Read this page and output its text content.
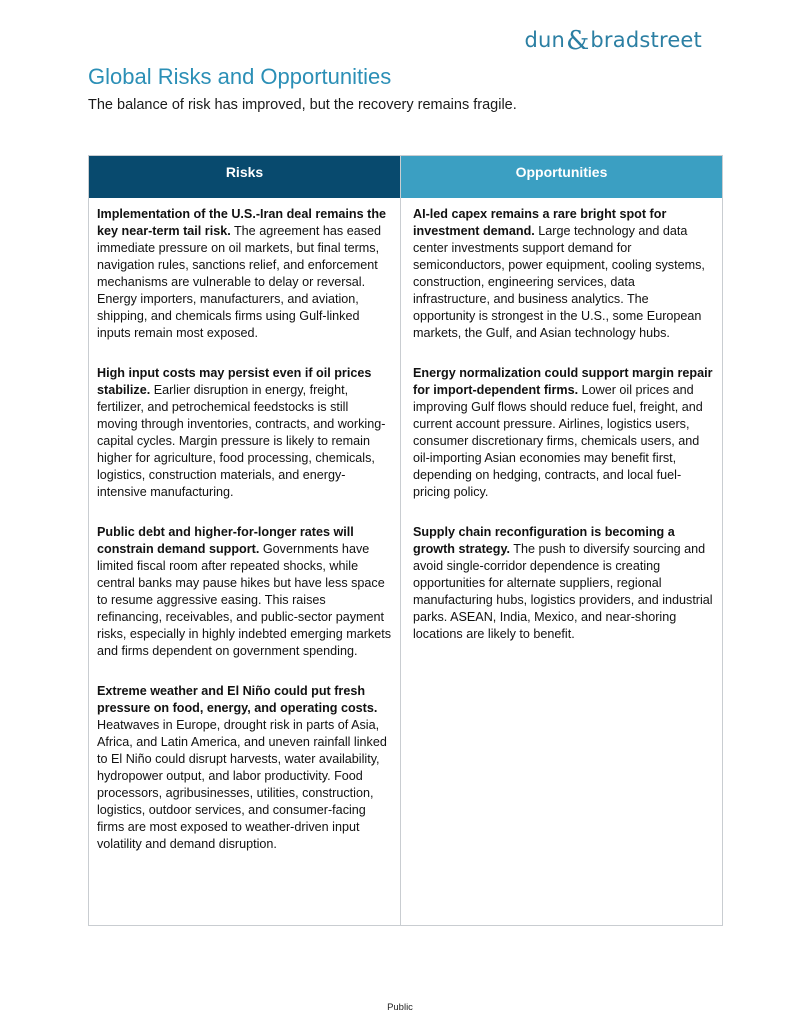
dun&bradstreet
Global Risks and Opportunities

The balance of risk has improved, but the recovery remains fragile.

Risks	Opportunities

Implementation of the U.S.-Iran deal remains the key near-term tail risk. The agreement has eased immediate pressure on oil markets, but final terms, navigation rules, sanctions relief, and enforcement mechanisms are vulnerable to delay or reversal. Energy importers, manufacturers, and aviation, shipping, and chemicals firms using Gulf-linked inputs remain most exposed.

High input costs may persist even if oil prices stabilize. Earlier disruption in energy, freight, fertilizer, and petrochemical feedstocks is still moving through inventories, contracts, and working-capital cycles. Margin pressure is likely to remain higher for agriculture, food processing, chemicals, logistics, construction materials, and energy-intensive manufacturing.

Public debt and higher-for-longer rates will constrain demand support. Governments have limited fiscal room after repeated shocks, while central banks may pause hikes but have less space to resume aggressive easing. This raises refinancing, receivables, and public-sector payment risks, especially in highly indebted emerging markets and firms dependent on government spending.

Extreme weather and El Niño could put fresh pressure on food, energy, and operating costs. Heatwaves in Europe, drought risk in parts of Asia, Africa, and Latin America, and uneven rainfall linked to El Niño could disrupt harvests, water availability, hydropower output, and labor productivity. Food processors, agribusinesses, utilities, construction, logistics, outdoor services, and consumer-facing firms are most exposed to weather-driven input volatility and demand disruption.

AI-led capex remains a rare bright spot for investment demand. Large technology and data center investments support demand for semiconductors, power equipment, cooling systems, construction, engineering services, data infrastructure, and business analytics. The opportunity is strongest in the U.S., some European markets, the Gulf, and Asian technology hubs.

Energy normalization could support margin repair for import-dependent firms. Lower oil prices and improving Gulf flows should reduce fuel, freight, and current account pressure. Airlines, logistics users, consumer discretionary firms, chemicals users, and oil-importing Asian economies may benefit first, depending on hedging, contracts, and local fuel-pricing policy.

Supply chain reconfiguration is becoming a growth strategy. The push to diversify sourcing and avoid single-corridor dependence is creating opportunities for alternate suppliers, regional manufacturing hubs, logistics providers, and industrial parks. ASEAN, India, Mexico, and near-shoring locations are likely to benefit.

Public
